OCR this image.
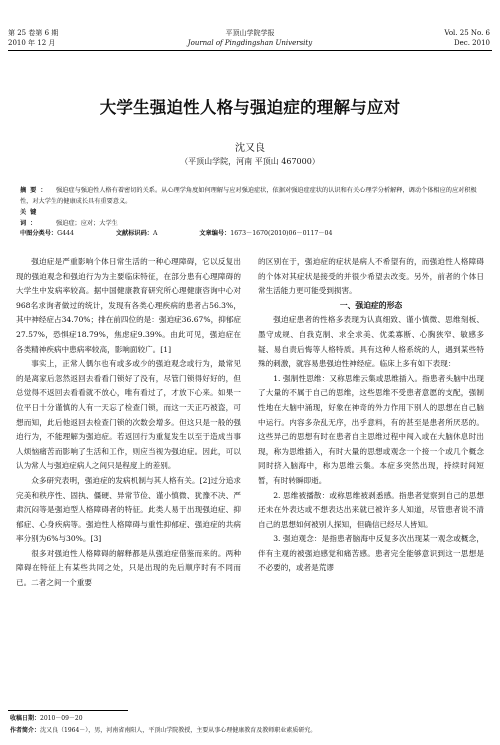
第 25 卷第 6 期
2010 年 12 月
平顶山学院学报
Journal of Pingdingshan University
Vol. 25 No. 6
Dec. 2010
大学生强迫性人格与强迫症的理解与应对
沈又良
（平顶山学院，河南 平顶山 467000）

摘要： 强迫症与强迫性人格有着密切的关系。从心理学角度如何理解与应对强迫症状，依据对强迫症症状的认识和有关心理学分析解释，调动个体相应的应对积极性，对大学生的健康成长具有重要意义。

关键词：	强迫症；应对；大学生

中图分类号：G444	文献标识码：A	文章编号：1673－1670(2010)06－0117－04

强迫症是严重影响个体日常生活的一种心理障碍，它以反复出现的强迫观念和强迫行为为主要临床特征，在部分患有心理障碍的大学生中发病率较高。据中国健康教育研究所心理健康咨询中心对968名求询者做过的统计，发现有各类心理疾病的患者占56.3%，其中神经症占34.70%；排在前四位的是：强迫症36.67%，抑郁症27.57%，恐惧症18.79%，焦虑症9.39%。由此可见，强迫症在各类精神疾病中患病率较高，影响面较广。[1]

事实上，正常人偶尔也有或多或少的强迫观念或行为，最常见的是离家后忽然返回去看看门锁好了没有，尽管门锁得好好的，但总觉得不返回去看看就不放心，唯有看过了，才放下心来。如果一位平日十分谨慎的人有一天忘了检查门锁，而这一天正巧被盗，可想而知，此后他返回去检查门锁的次数会增多。但这只是一般的强迫行为，不能理解为强迫症。若返回行为重复发生以至于造成当事人烦恼痛苦而影响了生活和工作，则应当视为强迫症。因此，可以认为常人与强迫症病人之间只是程度上的差别。

众多研究表明，强迫症的发病机制与其人格有关。[2]过分追求完美和秩序性、固执、僵硬、异常节俭、谨小慎微、犹豫不决、严肃沉闷等是强迫型人格障碍者的特征。此类人易于出现强迫症、抑郁症、心身疾病等。强迫性人格障碍与重性抑郁症、强迫症的共病率分别为6%与30%。[3]

很多对强迫性人格障碍的解释都是从强迫症借鉴而来的。两种障碍在特征上有某些共同之处，只是出现的先后顺序时有不同而已。二者之间一个重要

的区别在于，强迫症的症状是病人不希望有的，而强迫性人格障碍的个体对其症状是接受的并很少希望去改变。另外，前者的个体日常生活能力更可能受到损害。

一、强迫症的形态

强迫症患者的性格多表现为认真细致、谨小慎微、思维刻板、墨守成规、自我克制、求全求美、优柔寡断、心胸狭窄、敏感多疑、易自责后悔等人格特质。具有这种人格系统的人，遇到某些特殊的刺激，就容易患强迫性神经症。临床上多有如下表现：

1. 强制性思维：又称思维云集或思维插入。指患者头脑中出现了大量的不属于自己的思维，这些思维不受患者意愿的支配，强制性地在大脑中涌现，好象在神奇的外力作用下别人的思想在自己脑中运行。内容多杂乱无序，出乎意料，有的甚至是患者所厌恶的。这些异己的思想有时在患者自主思维过程中闯入或在大脑休息时出现，称为思维插入，有时大量的思想或观念一个接一个或几个概念同时挤入脑海中，称为思维云集。本症多突然出现，持续时间短暂，有时转瞬即逝。

2. 思维被播散：或称思维被剥悉感。指患者觉察到自己的思想还未在外表达或不想表达出来就已被许多人知道，尽管患者说不清自己的思想如何被别人探知，但确信已经尽人皆知。

3. 强迫观念：是指患者脑海中反复多次出现某一观念或概念，伴有主观的被强迫感觉和痛苦感。患者完全能够意识到这一思想是不必要的，或者是荒谬

收稿日期：2010－09－20
作者简介：沈又良（1964－），男，河南省南阳人，平顶山学院教授，主要从事心理健康教育及教师职业素质研究。
